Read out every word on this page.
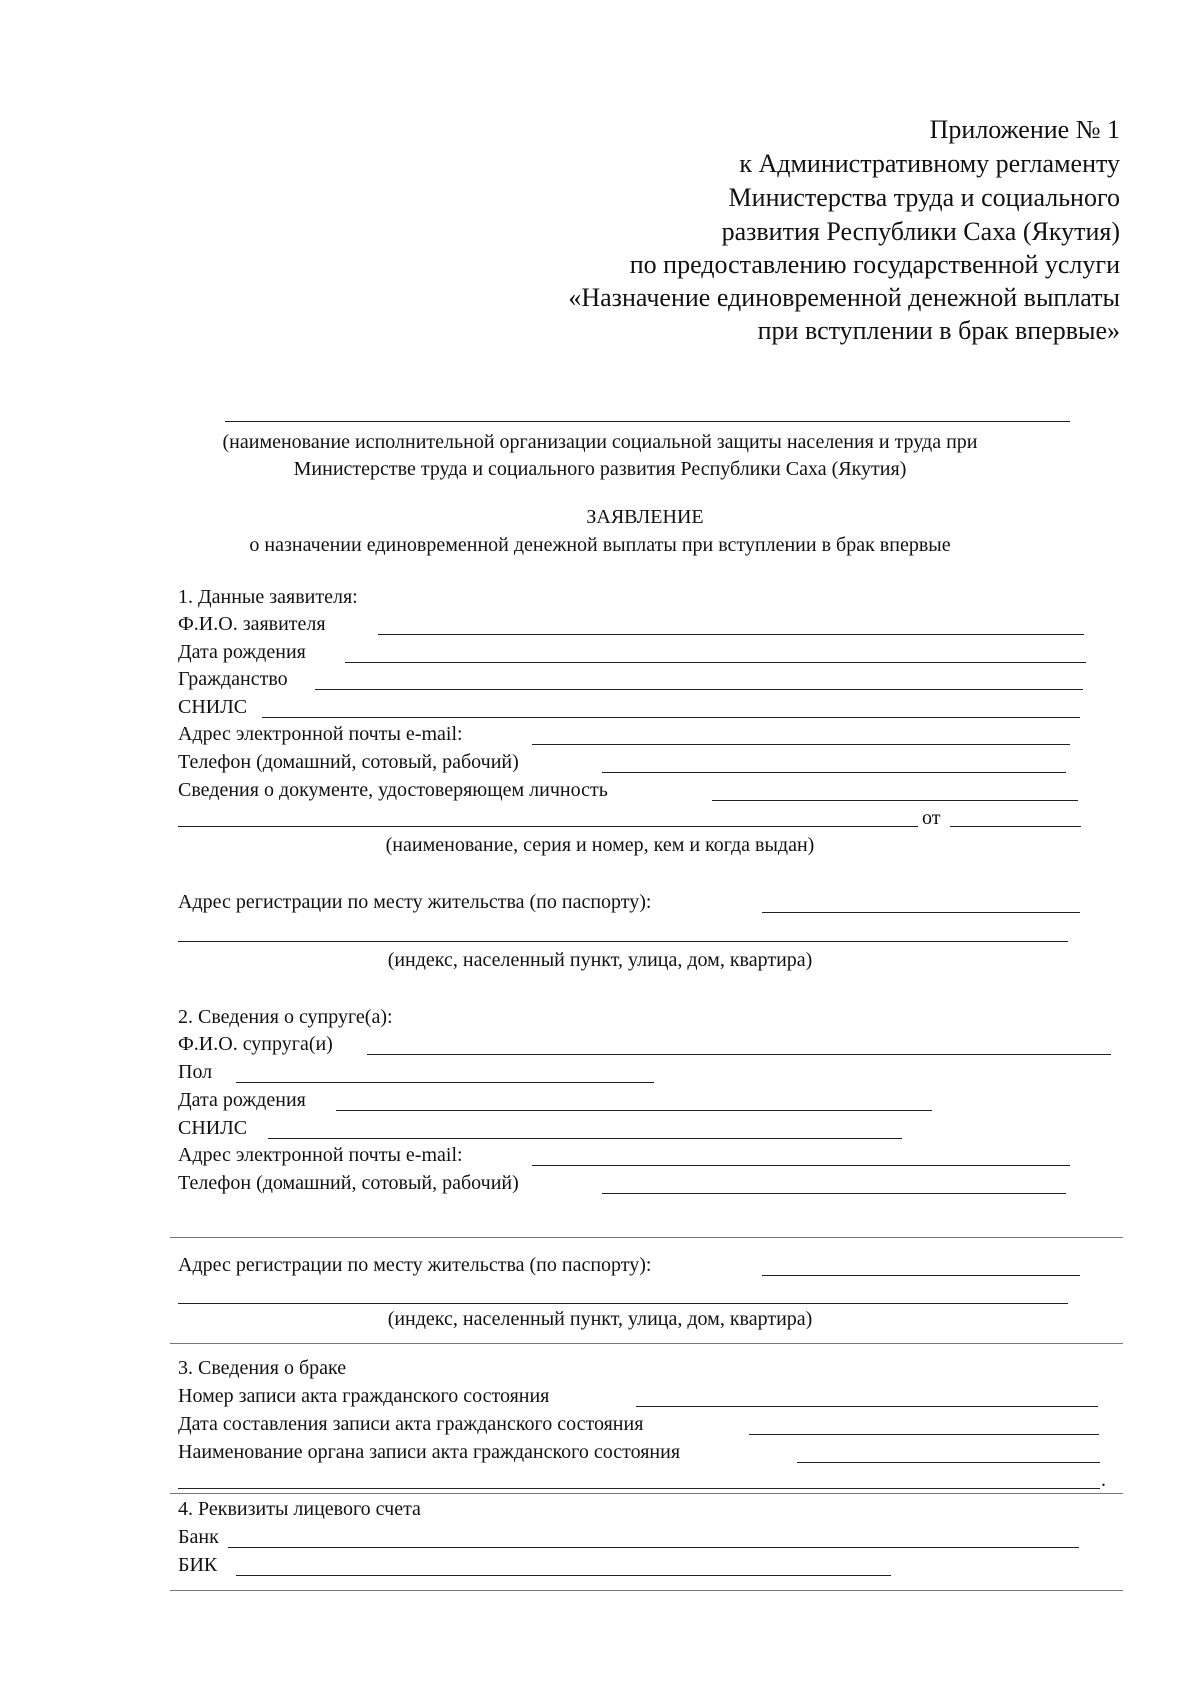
Приложение № 1
к Административному регламенту
Министерства труда и социального
развития Республики Саха (Якутия)
по предоставлению государственной услуги
«Назначение единовременной денежной выплаты
при вступлении в брак впервые»
(наименование исполнительной организации социальной защиты населения и труда при
Министерстве труда и социального развития Республики Саха (Якутия)
ЗАЯВЛЕНИЕ
о назначении единовременной денежной выплаты при вступлении в брак впервые
1. Данные заявителя:
Ф.И.О. заявителя
Дата рождения
Гражданство
СНИЛС
Адрес электронной почты e-mail:
Телефон (домашний, сотовый, рабочий)
Сведения о документе, удостоверяющем личность
от
(наименование, серия и номер, кем и когда выдан)
Адрес регистрации по месту жительства (по паспорту):
(индекс, населенный пункт, улица, дом, квартира)
2. Сведения о супруге(а):
Ф.И.О. супруга(и)
Пол
Дата рождения
СНИЛС
Адрес электронной почты e-mail:
Телефон (домашний, сотовый, рабочий)
Адрес регистрации по месту жительства (по паспорту):
(индекс, населенный пункт, улица, дом, квартира)
3. Сведения о браке
Номер записи акта гражданского состояния
Дата составления записи акта гражданского состояния
Наименование органа записи акта гражданского состояния
.
4. Реквизиты лицевого счета
Банк
БИК
